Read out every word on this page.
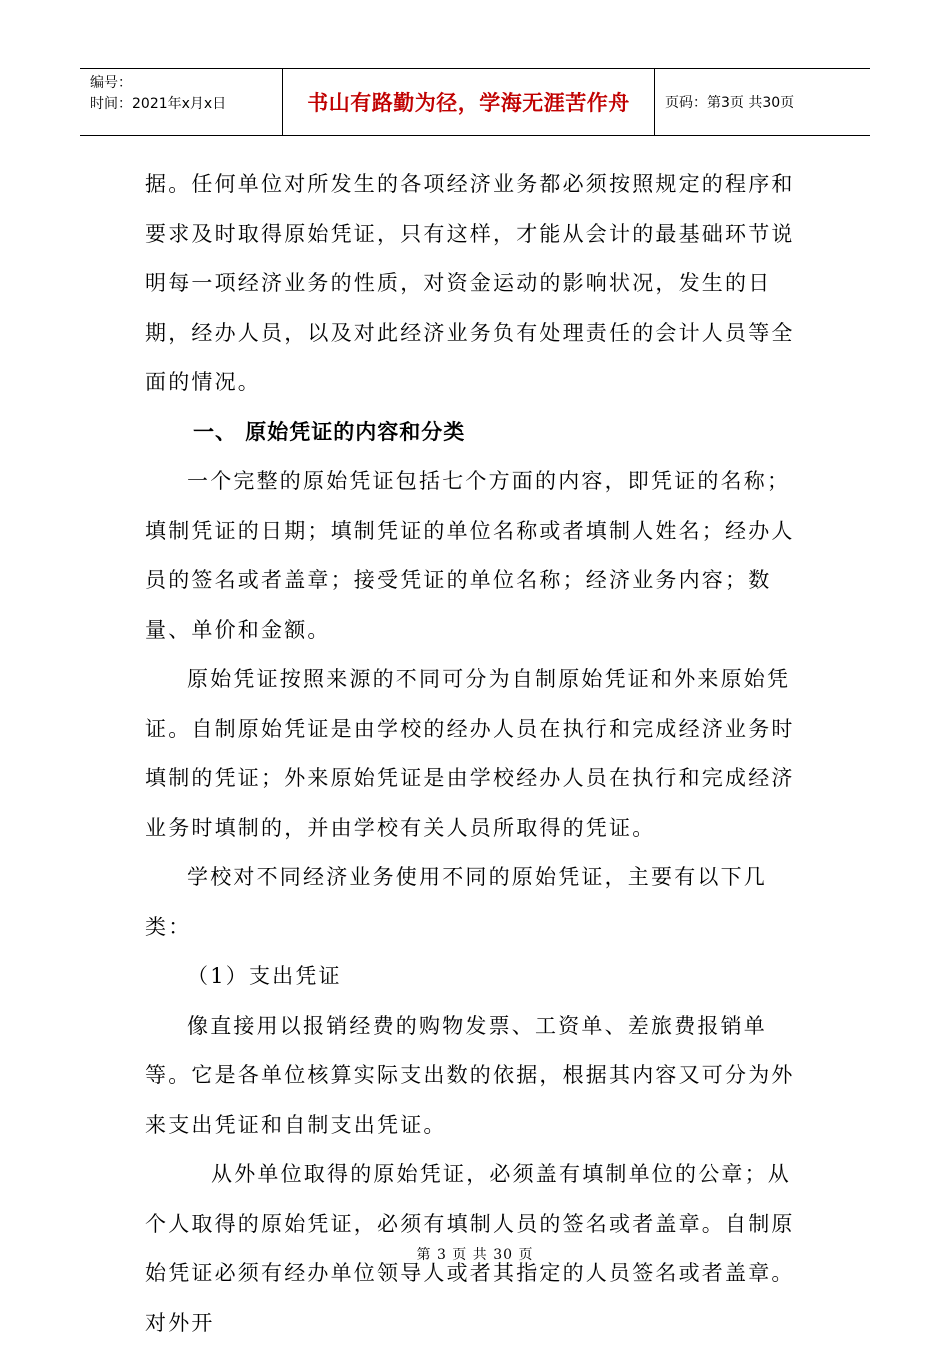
编号：
时间：2021年x月x日	书山有路勤为径，学海无涯苦作舟	页码：第3页 共30页

据。任何单位对所发生的各项经济业务都必须按照规定的程序和要求及时取得原始凭证，只有这样，才能从会计的最基础环节说明每一项经济业务的性质，对资金运动的影响状况，发生的日期，经办人员，以及对此经济业务负有处理责任的会计人员等全面的情况。

一、 原始凭证的内容和分类

一个完整的原始凭证包括七个方面的内容，即凭证的名称；填制凭证的日期；填制凭证的单位名称或者填制人姓名；经办人员的签名或者盖章；接受凭证的单位名称；经济业务内容；数量、单价和金额。

原始凭证按照来源的不同可分为自制原始凭证和外来原始凭证。自制原始凭证是由学校的经办人员在执行和完成经济业务时填制的凭证；外来原始凭证是由学校经办人员在执行和完成经济业务时填制的，并由学校有关人员所取得的凭证。

学校对不同经济业务使用不同的原始凭证，主要有以下几类：

（1）支出凭证

像直接用以报销经费的购物发票、工资单、差旅费报销单等。它是各单位核算实际支出数的依据，根据其内容又可分为外来支出凭证和自制支出凭证。

从外单位取得的原始凭证，必须盖有填制单位的公章；从个人取得的原始凭证，必须有填制人员的签名或者盖章。自制原始凭证必须有经办单位领导人或者其指定的人员签名或者盖章。对外开

第 3 页 共 30 页
